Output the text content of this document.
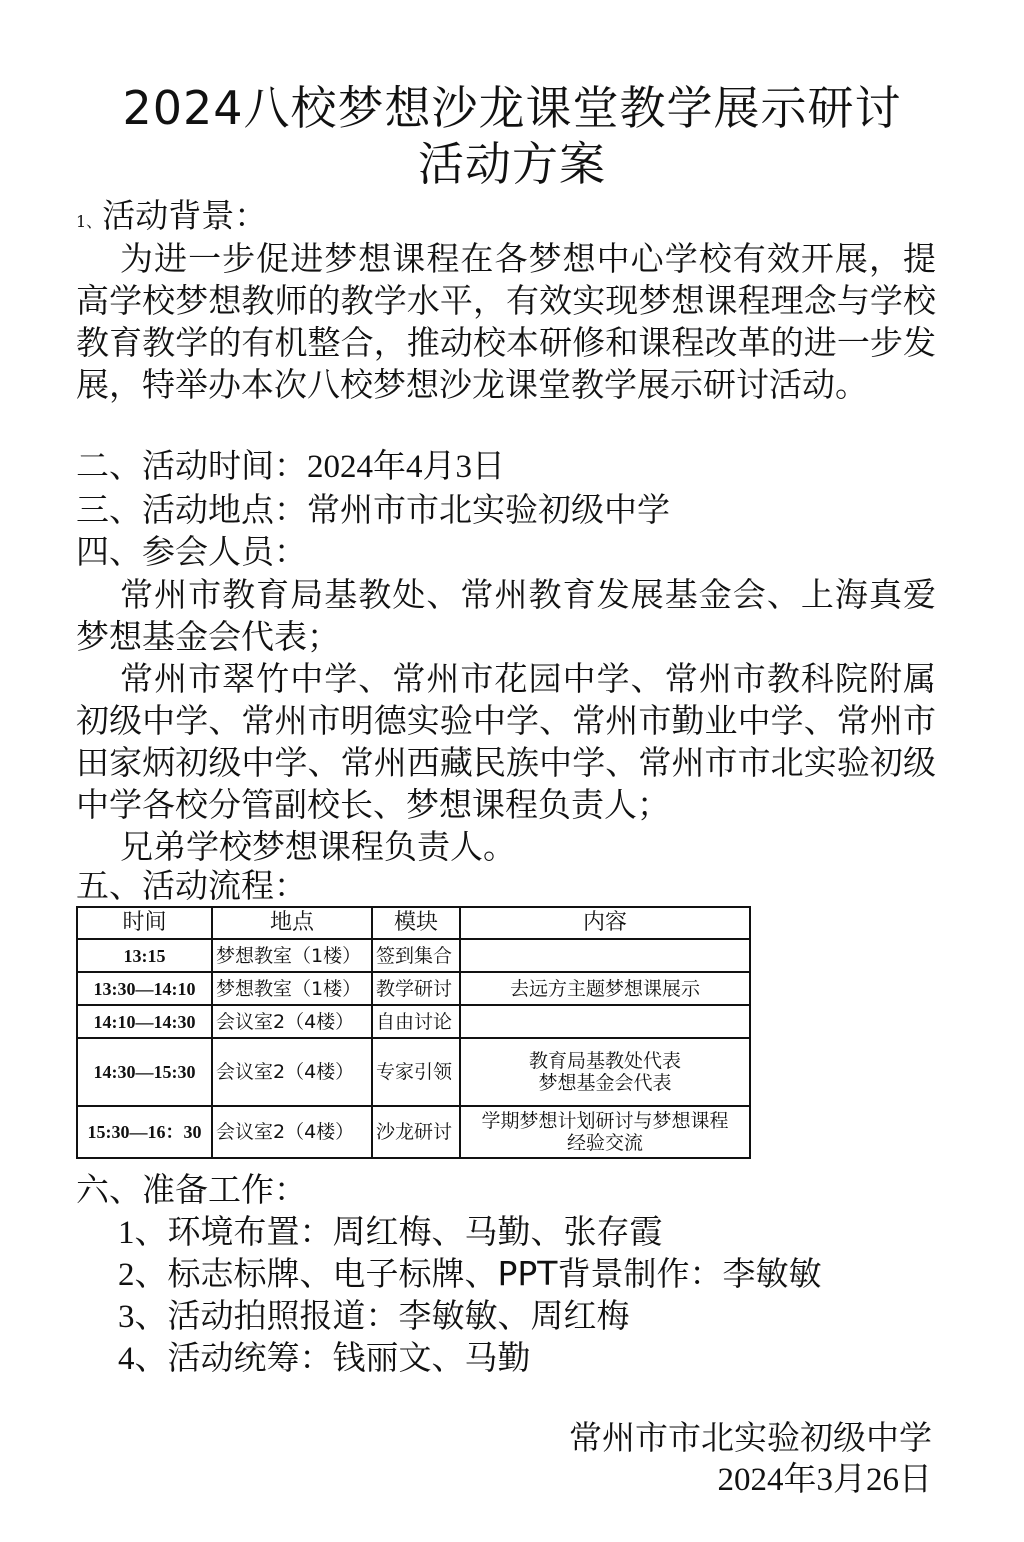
2024八校梦想沙龙课堂教学展示研讨
活动方案
1、活动背景：

为进一步促进梦想课程在各梦想中心学校有效开展，提高学校梦想教师的教学水平，有效实现梦想课程理念与学校教育教学的有机整合，推动校本研修和课程改革的进一步发展，特举办本次八校梦想沙龙课堂教学展示研讨活动。

二、活动时间：2024年4月3日
三、活动地点：常州市市北实验初级中学
四、参会人员：

常州市教育局基教处、常州教育发展基金会、上海真爱梦想基金会代表；

常州市翠竹中学、常州市花园中学、常州市教科院附属初级中学、常州市明德实验中学、常州市勤业中学、常州市田家炳初级中学、常州西藏民族中学、常州市市北实验初级中学各校分管副校长、梦想课程负责人；

兄弟学校梦想课程负责人。

五、活动流程：
时间	地点	模块	内容
13:15	梦想教室（1楼）	签到集合	
13:30—14:10	梦想教室（1楼）	教学研讨	去远方主题梦想课展示
14:10—14:30	会议室2（4楼）	自由讨论	
14:30—15:30	会议室2（4楼）	专家引领	教育局基教处代表
梦想基金会代表
15:30—16：30	会议室2（4楼）	沙龙研讨	学期梦想计划研讨与梦想课程
经验交流
六、准备工作：
1、环境布置：周红梅、马勤、张存霞
2、标志标牌、电子标牌、PPT背景制作：李敏敏
3、活动拍照报道：李敏敏、周红梅
4、活动统筹：钱丽文、马勤
常州市市北实验初级中学
2024年3月26日
